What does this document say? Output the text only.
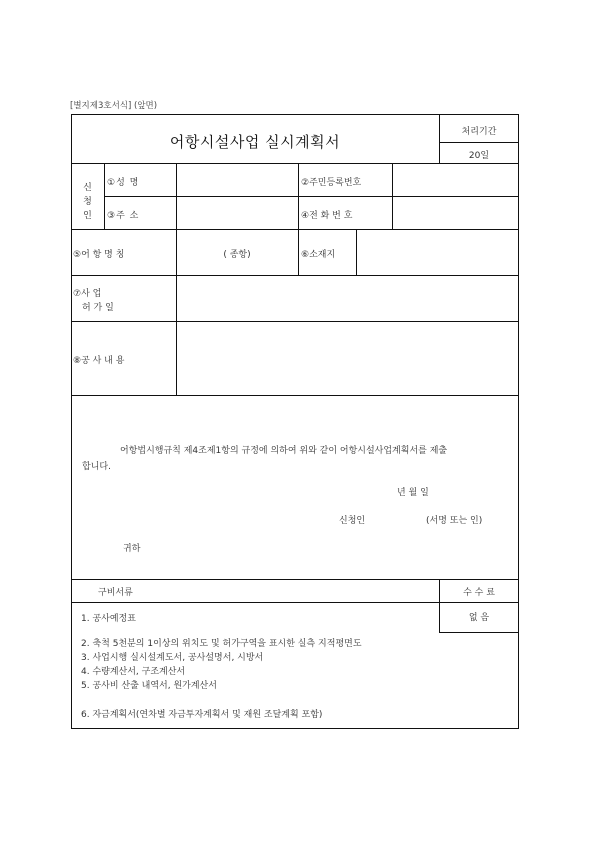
[별지제3호서식] (앞면)
어항시설사업 실시계획서
처리기간
20일
신
청
인
①성 명	②주민등록번호
③주 소	④전 화 번 호
⑤어 항 명 칭	( 종항)	⑥소재지
⑦사 업
허 가 일
⑧공 사 내 용
어항법시행규칙 제4조제1항의 규정에 의하여 위와 같이 어항시설사업계획서를 제출
합니다.
년 월 일
신청인	(서명 또는 인)
귀하
구비서류	수 수 료
없 음
1. 공사예정표
2. 축척 5천분의 1이상의 위치도 및 허가구역을 표시한 실측 지적평면도
3. 사업시행 실시설계도서, 공사설명서, 시방서
4. 수량계산서, 구조계산서
5. 공사비 산출 내역서, 원가계산서
6. 자금계획서(연차별 자금투자계획서 및 재원 조달계획 포함)
